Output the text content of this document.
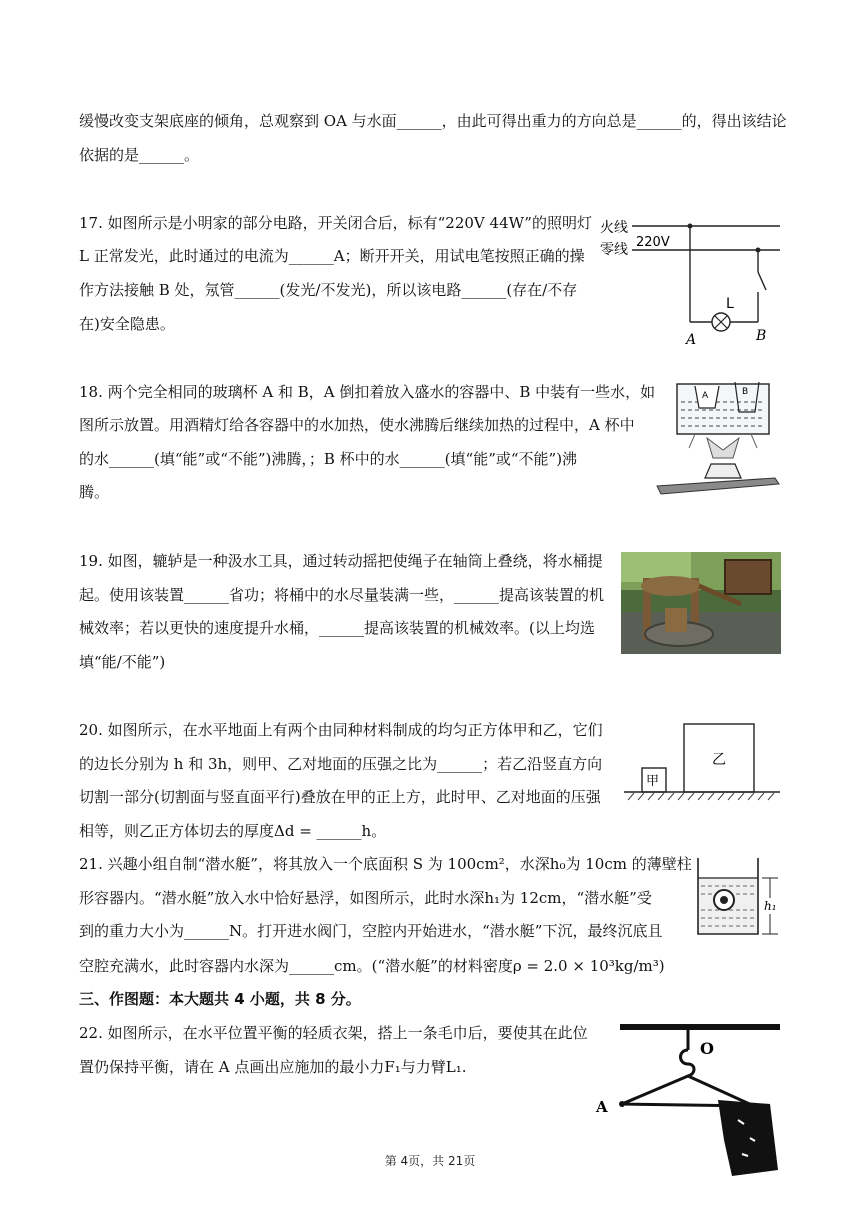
缓慢改变支架底座的倾角，总观察到 OA 与水面______，由此可得出重力的方向总是______的，得出该结论
依据的是______。
17. 如图所示是小明家的部分电路，开关闭合后，标有“220V 44W”的照明灯
L 正常发光，此时通过的电流为______A；断开开关，用试电笔按照正确的操
作方法接触 B 处，氖管______(发光/不发光)，所以该电路______(存在/不存
在)安全隐患。
火线
零线 220V
L
A	B
18. 两个完全相同的玻璃杯 A 和 B，A 倒扣着放入盛水的容器中、B 中装有一些水，如
图所示放置。用酒精灯给各容器中的水加热，使水沸腾后继续加热的过程中，A 杯中
的水______(填“能”或“不能”)沸腾，；B 杯中的水______(填“能”或“不能”)沸
腾。
A	B
19. 如图，辘轳是一种汲水工具，通过转动摇把使绳子在轴筒上叠绕，将水桶提
起。使用该装置______省功；将桶中的水尽量装满一些，______提高该装置的机
械效率；若以更快的速度提升水桶，______提高该装置的机械效率。(以上均选
填“能/不能”)
20. 如图所示，在水平地面上有两个由同种材料制成的均匀正方体甲和乙，它们
的边长分别为 h 和 3h，则甲、乙对地面的压强之比为______；若乙沿竖直方向
切割一部分(切割面与竖直面平行)叠放在甲的正上方，此时甲、乙对地面的压强
相等，则乙正方体切去的厚度Δd = ______h。
甲
乙
21. 兴趣小组自制“潜水艇”，将其放入一个底面积 S 为 100cm²，水深h₀为 10cm 的薄壁柱
形容器内。“潜水艇”放入水中恰好悬浮，如图所示，此时水深h₁为 12cm，“潜水艇”受
到的重力大小为______N。打开进水阀门，空腔内开始进水，“潜水艇”下沉，最终沉底且
空腔充满水，此时容器内水深为______cm。(“潜水艇”的材料密度ρ = 2.0 × 10³kg/m³)
h₁
三、作图题：本大题共 4 小题，共 8 分。
22. 如图所示，在水平位置平衡的轻质衣架，搭上一条毛巾后，要使其在此位
置仍保持平衡，请在 A 点画出应施加的最小力F₁与力臂L₁.
O
A
第 4页，共 21页
